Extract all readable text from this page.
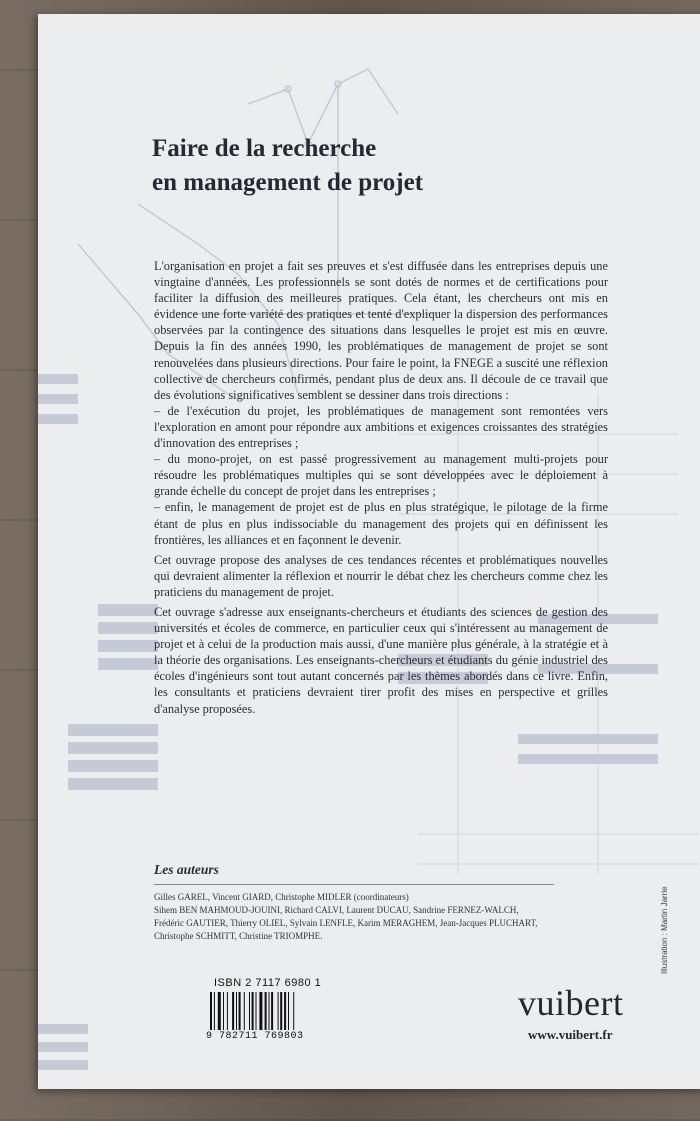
Faire de la recherche
en management de projet

L'organisation en projet a fait ses preuves et s'est diffusée dans les entreprises depuis une vingtaine d'années. Les professionnels se sont dotés de normes et de certifications pour faciliter la diffusion des meilleures pratiques. Cela étant, les chercheurs ont mis en évidence une forte variété des pratiques et tenté d'expliquer la dispersion des performances observées par la contingence des situations dans lesquelles le projet est mis en œuvre. Depuis la fin des années 1990, les problématiques de management de projet se sont renouvelées dans plusieurs directions. Pour faire le point, la FNEGE a suscité une réflexion collective de chercheurs confirmés, pendant plus de deux ans. Il découle de ce travail que des évolutions significatives semblent se dessiner dans trois directions :

– de l'exécution du projet, les problématiques de management sont remontées vers l'exploration en amont pour répondre aux ambitions et exigences croissantes des stratégies d'innovation des entreprises ;

– du mono-projet, on est passé progressivement au management multi-projets pour résoudre les problématiques multiples qui se sont développées avec le déploiement à grande échelle du concept de projet dans les entreprises ;

– enfin, le management de projet est de plus en plus stratégique, le pilotage de la firme étant de plus en plus indissociable du management des projets qui en définissent les frontières, les alliances et en façonnent le devenir.

Cet ouvrage propose des analyses de ces tendances récentes et problématiques nouvelles qui devraient alimenter la réflexion et nourrir le débat chez les chercheurs comme chez les praticiens du management de projet.

Cet ouvrage s'adresse aux enseignants-chercheurs et étudiants des sciences de gestion des universités et écoles de commerce, en particulier ceux qui s'intéressent au management de projet et à celui de la production mais aussi, d'une manière plus générale, à la stratégie et à la théorie des organisations. Les enseignants-chercheurs et étudiants du génie industriel des écoles d'ingénieurs sont tout autant concernés par les thèmes abordés dans ce livre. Enfin, les consultants et praticiens devraient tirer profit des mises en perspective et grilles d'analyse proposées.

Les auteurs
Gilles GAREL, Vincent GIARD, Christophe MIDLER (coordinateurs)
Sihem BEN MAHMOUD-JOUINI, Richard CALVI, Laurent DUCAU, Sandrine FERNEZ-WALCH,
Frédéric GAUTIER, Thierry OLIEL, Sylvain LENFLE, Karim MERAGHEM, Jean-Jacques PLUCHART,
Christophe SCHMITT, Christine TRIOMPHE.
ISBN 2 7117 6980 1
9 782711 769803
vuibert
www.vuibert.fr
Illustration : Martin Jarrie
